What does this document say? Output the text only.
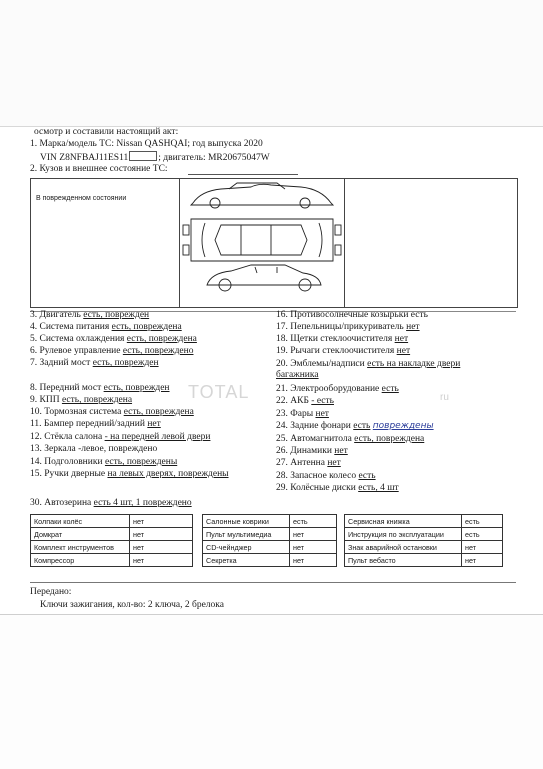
осмотр и составили настоящий акт:
1. Марка/модель ТС: Nissan QASHQAI; год выпуска 2020
VIN Z8NFBAJ11ES11	; двигатель: MR20675047W
2. Кузов и внешнее состояние ТС:
В поврежденном состоянии
3. Двигатель есть, поврежден
4. Система питания есть, повреждена
5. Система охлаждения есть, повреждена
6. Рулевое управление есть, повреждено
7. Задний мост есть, поврежден
8. Передний мост есть, поврежден
9. КПП есть, повреждена
10. Тормозная система есть, повреждена
11. Бампер передний/задний нет
12. Стёкла салона - на передней левой двери
13. Зеркала -левое, повреждено
14. Подголовники есть, повреждены
15. Ручки дверные на левых дверях, повреждены
16. Противосолнечные козырьки есть
17. Пепельницы/прикуриватель нет
18. Щетки стеклоочистителя нет
19. Рычаги стеклоочистителя нет
20. Эмблемы/надписи есть на накладке двери
багажника
21. Электрооборудование есть
22. АКБ - есть
23. Фары нет
24. Задние фонари есть повреждены
25. Автомагнитола есть, повреждена
26. Динамики нет
27. Антенна нет
28. Запасное колесо есть
29. Колёсные диски есть, 4 шт
TOTAL	ru
30. Автозерина есть 4 шт, 1 повреждено
Колпаки колёс	нет
Домкрат	нет
Комплект инструментов	нет
Компрессор	нет
Салонные коврики	есть
Пульт мультимедиа	нет
CD-чейнджер	нет
Секретка	нет
Сервисная книжка	есть
Инструкция по эксплуатации	есть
Знак аварийной остановки	нет
Пульт вебасто	нет
Передано:
Ключи зажигания, кол-во: 2 ключа, 2 брелока
